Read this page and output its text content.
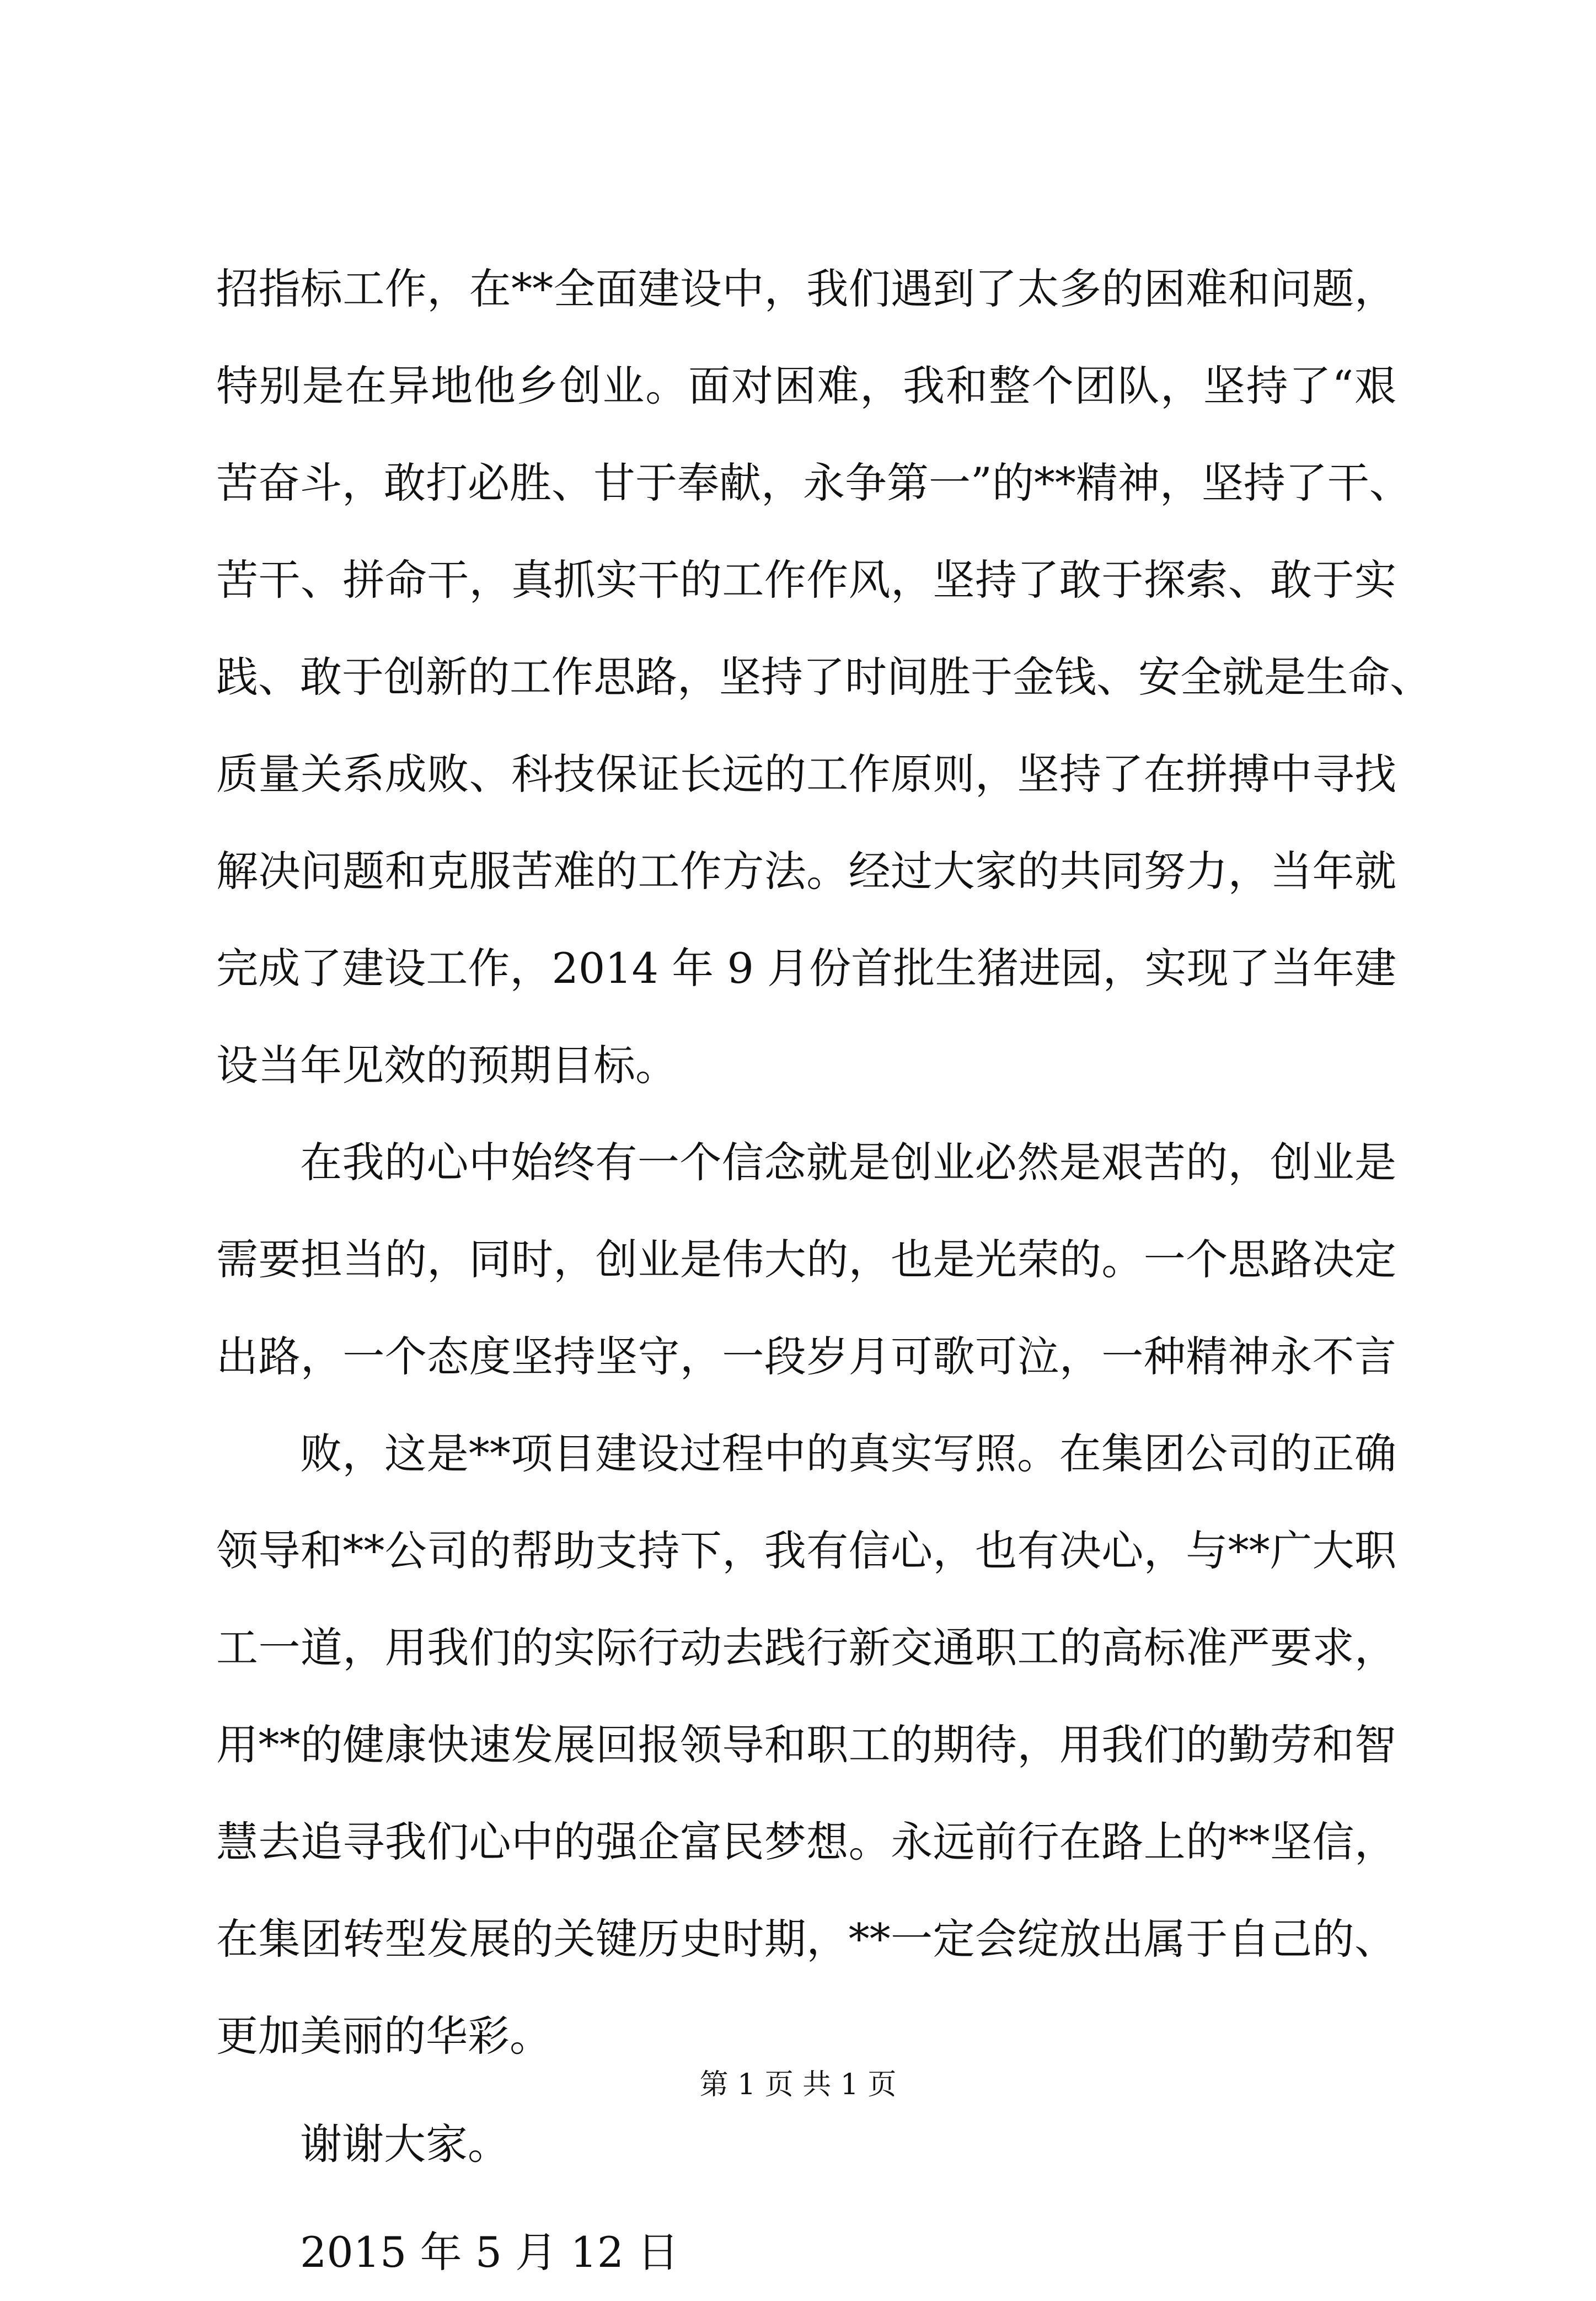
招指标工作，在**全面建设中，我们遇到了太多的困难和问题，
特别是在异地他乡创业。面对困难，我和整个团队，坚持了“艰
苦奋斗，敢打必胜、甘于奉献，永争第一”的**精神，坚持了干、
苦干、拼命干，真抓实干的工作作风，坚持了敢于探索、敢于实
践、敢于创新的工作思路，坚持了时间胜于金钱、安全就是生命、
质量关系成败、科技保证长远的工作原则，坚持了在拼搏中寻找
解决问题和克服苦难的工作方法。经过大家的共同努力，当年就
完成了建设工作，2014 年 9 月份首批生猪进园，实现了当年建
设当年见效的预期目标。
在我的心中始终有一个信念就是创业必然是艰苦的，创业是
需要担当的，同时，创业是伟大的，也是光荣的。一个思路决定
出路，一个态度坚持坚守，一段岁月可歌可泣，一种精神永不言
败，这是**项目建设过程中的真实写照。在集团公司的正确
领导和**公司的帮助支持下，我有信心，也有决心，与**广大职
工一道，用我们的实际行动去践行新交通职工的高标准严要求，
用**的健康快速发展回报领导和职工的期待，用我们的勤劳和智
慧去追寻我们心中的强企富民梦想。永远前行在路上的**坚信，
在集团转型发展的关键历史时期，**一定会绽放出属于自己的、
更加美丽的华彩。
谢谢大家。
2015 年 5 月 12 日
第 1 页 共 1 页
